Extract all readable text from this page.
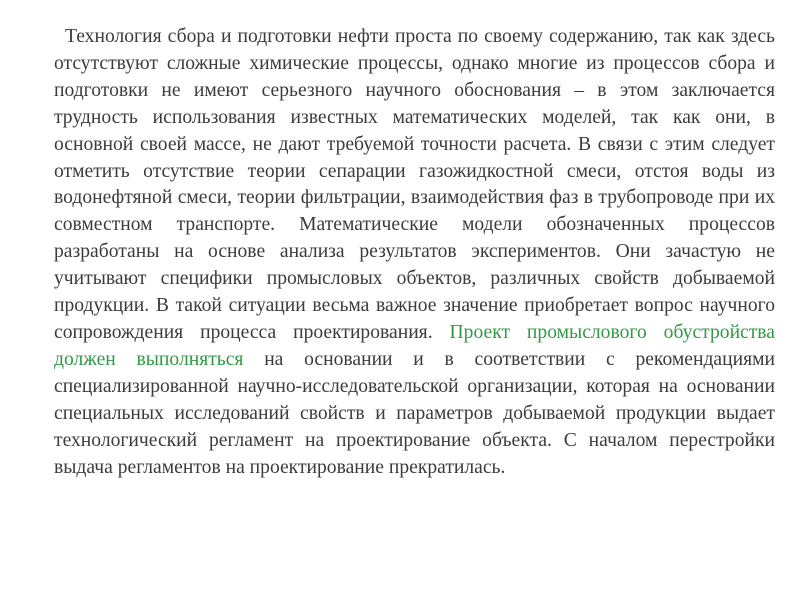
Технология сбора и подготовки нефти проста по своему содержанию, так как здесь отсутствуют сложные химические процессы, однако многие из процессов сбора и подготовки не имеют серьезного научного обоснования – в этом заключается трудность использования известных математических моделей, так как они, в основной своей массе, не дают требуемой точности расчета. В связи с этим следует отметить отсутствие теории сепарации газожидкостной смеси, отстоя воды из водонефтяной смеси, теории фильтрации, взаимодействия фаз в трубопроводе при их совместном транспорте. Математические модели обозначенных процессов разработаны на основе анализа результатов экспериментов. Они зачастую не учитывают специфики промысловых объектов, различных свойств добываемой продукции. В такой ситуации весьма важное значение приобретает вопрос научного сопровождения процесса проектирования. Проект промыслового обустройства должен выполняться на основании и в соответствии с рекомендациями специализированной научно-исследовательской организации, которая на основании специальных исследований свойств и параметров добываемой продукции выдает технологический регламент на проектирование объекта. С началом перестройки выдача регламентов на проектирование прекратилась.
